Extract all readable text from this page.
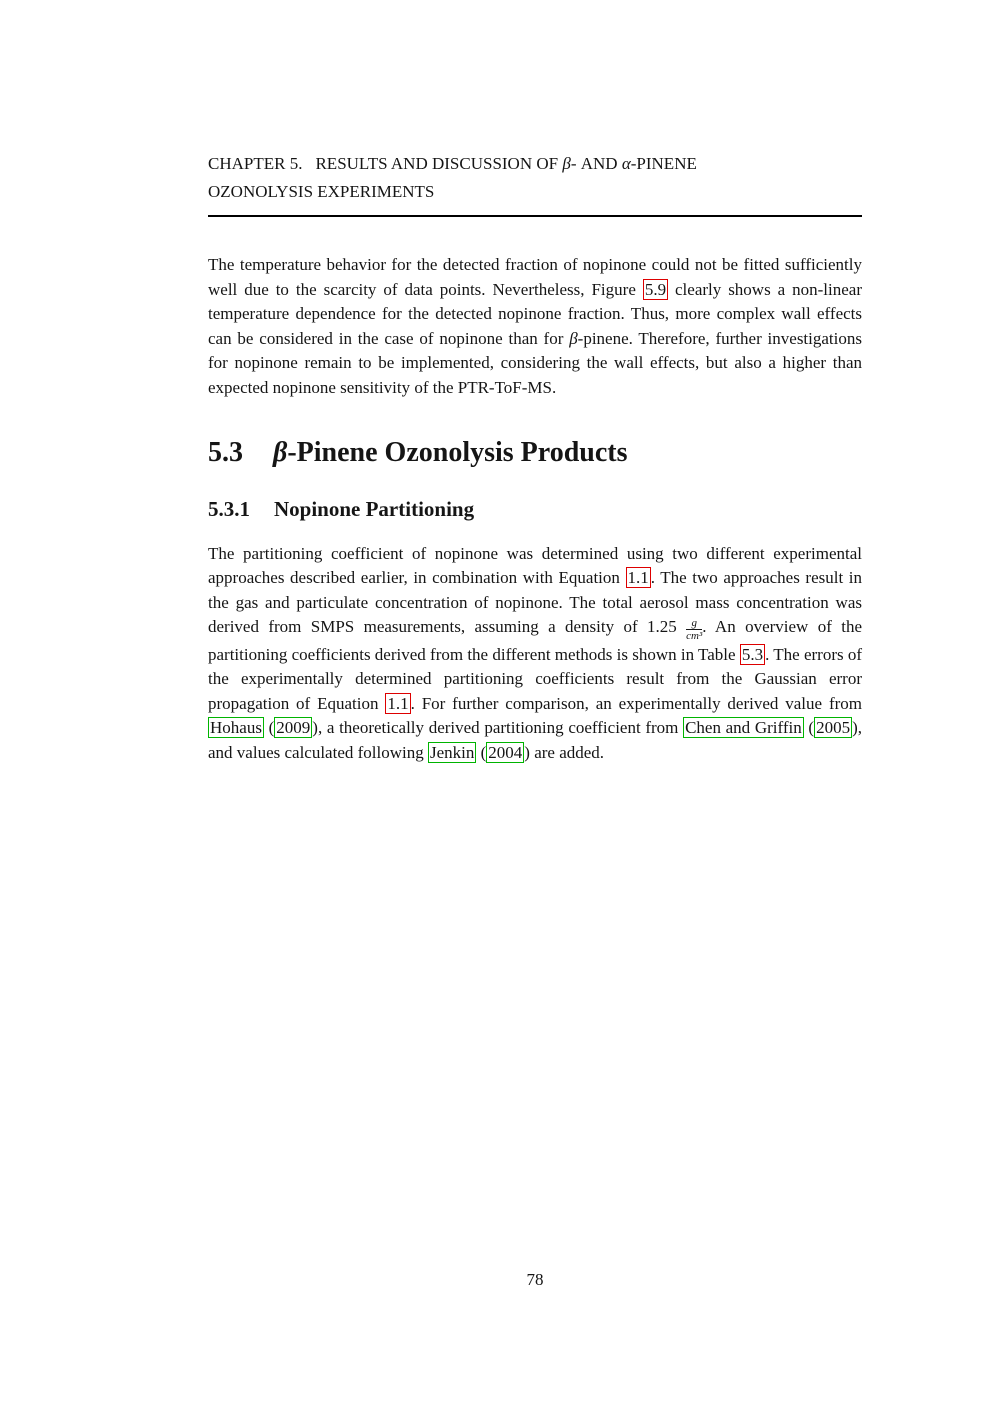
CHAPTER 5. RESULTS AND DISCUSSION OF β- AND α-PINENE
OZONOLYSIS EXPERIMENTS

The temperature behavior for the detected fraction of nopinone could not be fitted sufficiently well due to the scarcity of data points. Nevertheless, Figure 5.9 clearly shows a non-linear temperature dependence for the detected nopinone fraction. Thus, more complex wall effects can be considered in the case of nopinone than for β-pinene. Therefore, further investigations for nopinone remain to be implemented, considering the wall effects, but also a higher than expected nopinone sensitivity of the PTR-ToF-MS.

5.3 β-Pinene Ozonolysis Products
5.3.1 Nopinone Partitioning

The partitioning coefficient of nopinone was determined using two different experimental approaches described earlier, in combination with Equation 1.1 . The two approaches result in the gas and particulate concentration of nopinone. The total aerosol mass concentration was derived from SMPS measurements, assuming a density of $1.25 \frac{g}{\text{cm³}}$ . An overview of the partitioning coefficients derived from the different methods is shown in Table 5.3 . The errors of the experimentally determined partitioning coefficients result from the Gaussian error propagation of Equation 1.1 . For further comparison, an experimentally derived value from Hohaus ( 2009 ), a theoretically derived partitioning coefficient from Chen and Griffin ( 2005 ), and values calculated following Jenkin ( 2004 ) are added.

78
